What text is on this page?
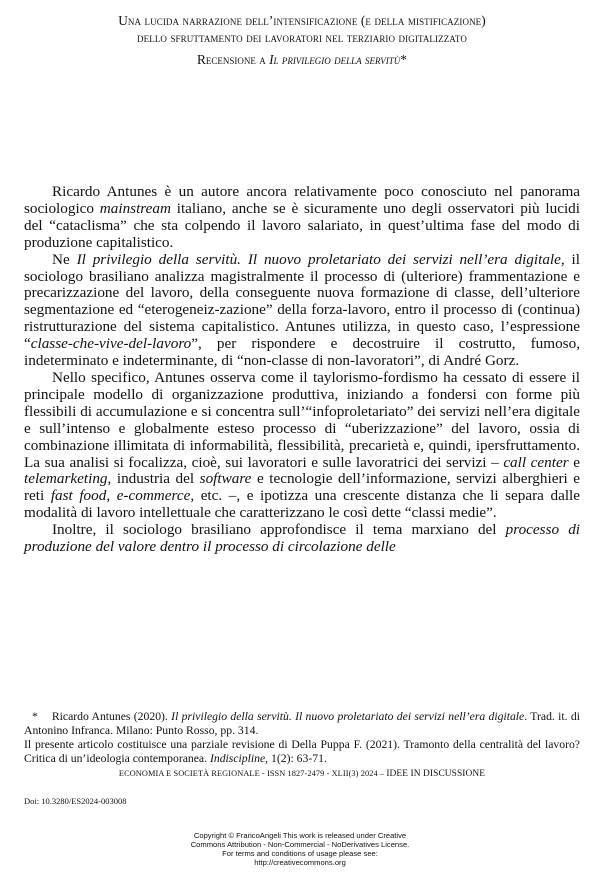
Una lucida narrazione dell’intensificazione (e della mistificazione)
dello sfruttamento dei lavoratori nel terziario digitalizzato
Recensione a Il privilegio della servitù*

Ricardo Antunes è un autore ancora relativamente poco conosciuto nel panorama sociologico mainstream italiano, anche se è sicuramente uno degli osservatori più lucidi del “cataclisma” che sta colpendo il lavoro salariato, in quest’ultima fase del modo di produzione capitalistico.

Ne Il privilegio della servitù. Il nuovo proletariato dei servizi nell’era digitale, il sociologo brasiliano analizza magistralmente il processo di (ulteriore) frammentazione e precarizzazione del lavoro, della conseguente nuova formazione di classe, dell’ulteriore segmentazione ed “eterogeneiz-zazione” della forza-lavoro, entro il processo di (continua) ristrutturazione del sistema capitalistico. Antunes utilizza, in questo caso, l’espressione “classe-che-vive-del-lavoro”, per rispondere e decostruire il costrutto, fumoso, indeterminato e indeterminante, di “non-classe di non-lavoratori”, di André Gorz.

Nello specifico, Antunes osserva come il taylorismo-fordismo ha cessato di essere il principale modello di organizzazione produttiva, iniziando a fondersi con forme più flessibili di accumulazione e si concentra sull’“infoproletariato” dei servizi nell’era digitale e sull’intenso e globalmente esteso processo di “uberizzazione” del lavoro, ossia di combinazione illimitata di informabilità, flessibilità, precarietà e, quindi, ipersfruttamento. La sua analisi si focalizza, cioè, sui lavoratori e sulle lavoratrici dei servizi – call center e telemarketing, industria del software e tecnologie dell’informazione, servizi alberghieri e reti fast food, e-commerce, etc. –, e ipotizza una crescente distanza che li separa dalle modalità di lavoro intellettuale che caratterizzano le così dette “classi medie”.

Inoltre, il sociologo brasiliano approfondisce il tema marxiano del processo di produzione del valore dentro il processo di circolazione delle

* Ricardo Antunes (2020). Il privilegio della servitù. Il nuovo proletariato dei servizi nell’era digitale. Trad. it. di Antonino Infranca. Milano: Punto Rosso, pp. 314.

Il presente articolo costituisce una parziale revisione di Della Puppa F. (2021). Tramonto della centralità del lavoro? Critica di un’ideologia contemporanea. Indiscipline, 1(2): 63-71.

ECONOMIA E SOCIETÀ REGIONALE - ISSN 1827-2479 - XLII(3) 2024 – IDEE IN DISCUSSIONE
Doi: 10.3280/ES2024-003008
Copyright © FrancoAngeli This work is released under Creative
Commons Attribution - Non-Commercial - NoDerivatives License.
For terms and conditions of usage please see:
http://creativecommons.org
